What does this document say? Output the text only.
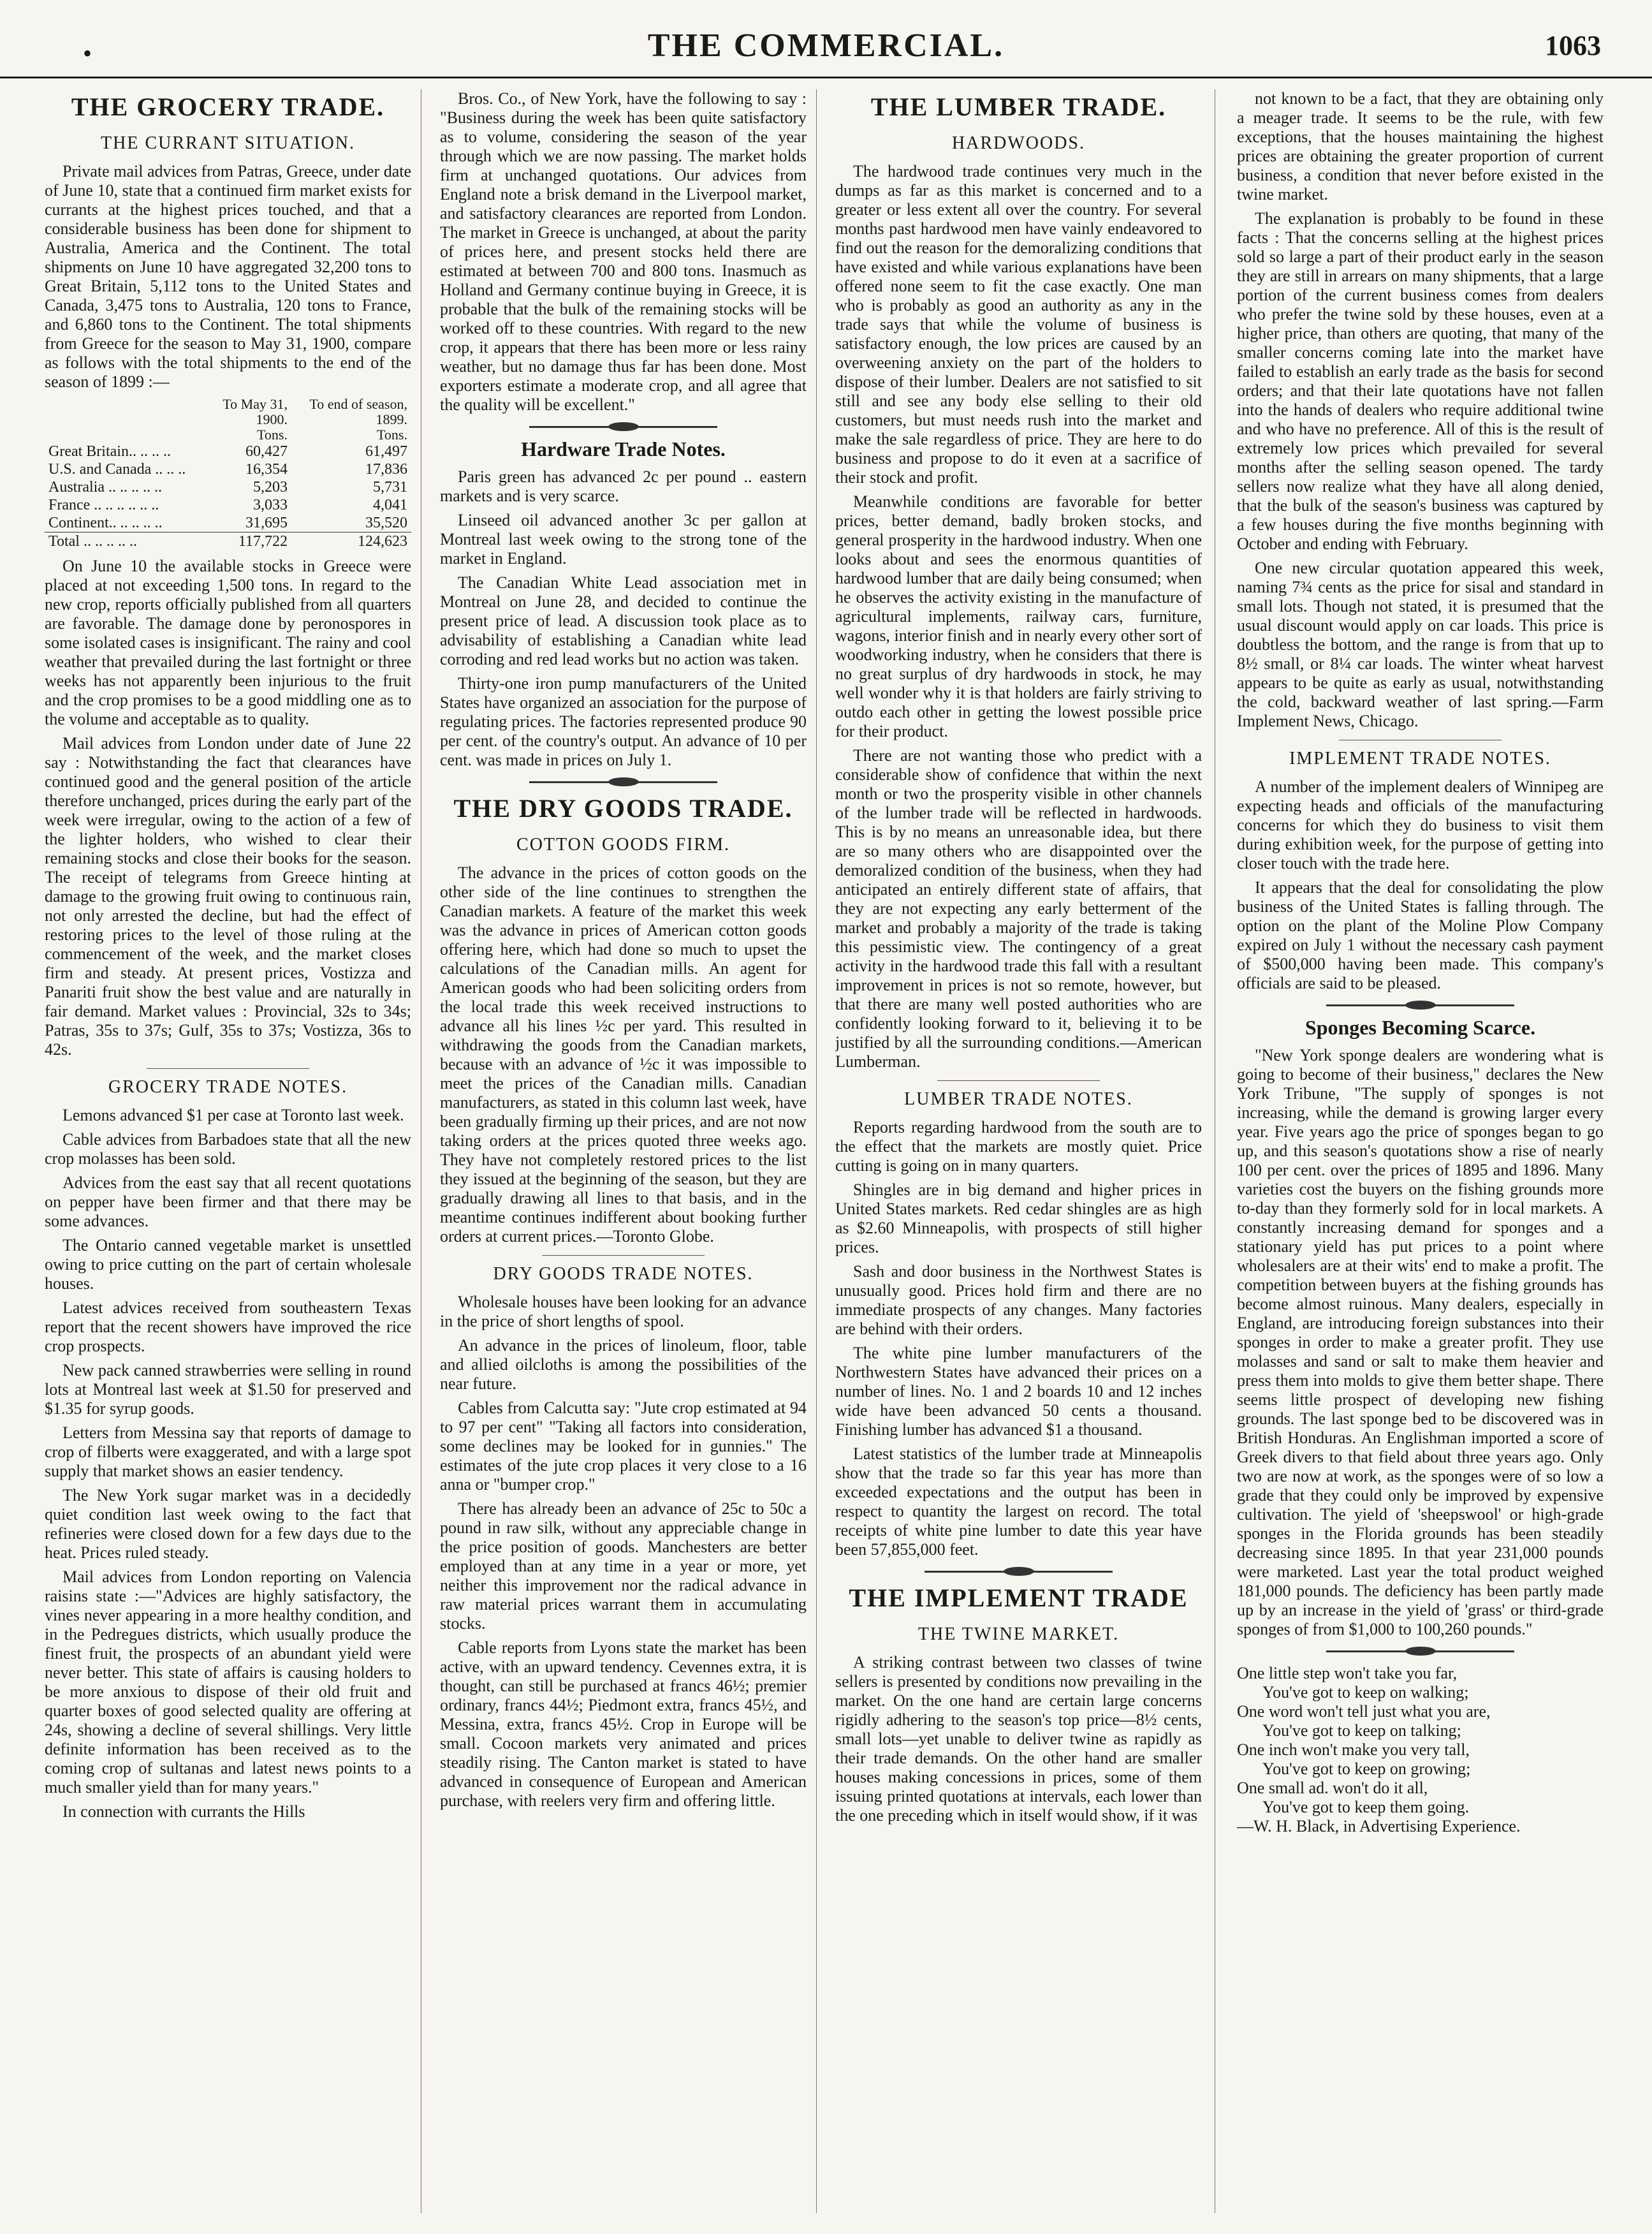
•	THE COMMERCIAL.	1063
THE GROCERY TRADE.
THE CURRANT SITUATION.

Private mail advices from Patras, Greece, under date of June 10, state that a continued firm market exists for currants at the highest prices touched, and that a considerable business has been done for shipment to Australia, America and the Continent. The total shipments on June 10 have aggregated 32,200 tons to Great Britain, 5,112 tons to the United States and Canada, 3,475 tons to Australia, 120 tons to France, and 6,860 tons to the Continent. The total shipments from Greece for the season to May 31, 1900, compare as follows with the total shipments to the end of the season of 1899 :—

	To May 31,	To end of season,
	1900.	1899.
	Tons.	Tons.
Great Britain.. .. .. ..	60,427	61,497
U.S. and Canada .. .. ..	16,354	17,836
Australia .. .. .. .. ..	5,203	5,731
France .. .. .. .. .. ..	3,033	4,041
Continent.. .. .. .. ..	31,695	35,520
Total .. .. .. .. ..	117,722	124,623

On June 10 the available stocks in Greece were placed at not exceeding 1,500 tons. In regard to the new crop, reports officially published from all quarters are favorable. The damage done by peronospores in some isolated cases is insignificant. The rainy and cool weather that prevailed during the last fortnight or three weeks has not apparently been injurious to the fruit and the crop promises to be a good middling one as to the volume and acceptable as to quality.

Mail advices from London under date of June 22 say : Notwithstanding the fact that clearances have continued good and the general position of the article therefore unchanged, prices during the early part of the week were irregular, owing to the action of a few of the lighter holders, who wished to clear their remaining stocks and close their books for the season. The receipt of telegrams from Greece hinting at damage to the growing fruit owing to continuous rain, not only arrested the decline, but had the effect of restoring prices to the level of those ruling at the commencement of the week, and the market closes firm and steady. At present prices, Vostizza and Panariti fruit show the best value and are naturally in fair demand. Market values : Provincial, 32s to 34s; Patras, 35s to 37s; Gulf, 35s to 37s; Vostizza, 36s to 42s.

GROCERY TRADE NOTES.

Lemons advanced $1 per case at Toronto last week.

Cable advices from Barbadoes state that all the new crop molasses has been sold.

Advices from the east say that all recent quotations on pepper have been firmer and that there may be some advances.

The Ontario canned vegetable market is unsettled owing to price cutting on the part of certain wholesale houses.

Latest advices received from southeastern Texas report that the recent showers have improved the rice crop prospects.

New pack canned strawberries were selling in round lots at Montreal last week at $1.50 for preserved and $1.35 for syrup goods.

Letters from Messina say that reports of damage to crop of filberts were exaggerated, and with a large spot supply that market shows an easier tendency.

The New York sugar market was in a decidedly quiet condition last week owing to the fact that refineries were closed down for a few days due to the heat. Prices ruled steady.

Mail advices from London reporting on Valencia raisins state :—"Advices are highly satisfactory, the vines never appearing in a more healthy condition, and in the Pedregues districts, which usually produce the finest fruit, the prospects of an abundant yield were never better. This state of affairs is causing holders to be more anxious to dispose of their old fruit and quarter boxes of good selected quality are offering at 24s, showing a decline of several shillings. Very little definite information has been received as to the coming crop of sultanas and latest news points to a much smaller yield than for many years."

In connection with currants the Hills

Bros. Co., of New York, have the following to say : "Business during the week has been quite satisfactory as to volume, considering the season of the year through which we are now passing. The market holds firm at unchanged quotations. Our advices from England note a brisk demand in the Liverpool market, and satisfactory clearances are reported from London. The market in Greece is unchanged, at about the parity of prices here, and present stocks held there are estimated at between 700 and 800 tons. Inasmuch as Holland and Germany continue buying in Greece, it is probable that the bulk of the remaining stocks will be worked off to these countries. With regard to the new crop, it appears that there has been more or less rainy weather, but no damage thus far has been done. Most exporters estimate a moderate crop, and all agree that the quality will be excellent."

Hardware Trade Notes.

Paris green has advanced 2c per pound .. eastern markets and is very scarce.

Linseed oil advanced another 3c per gallon at Montreal last week owing to the strong tone of the market in England.

The Canadian White Lead association met in Montreal on June 28, and decided to continue the present price of lead. A discussion took place as to advisability of establishing a Canadian white lead corroding and red lead works but no action was taken.

Thirty-one iron pump manufacturers of the United States have organized an association for the purpose of regulating prices. The factories represented produce 90 per cent. of the country's output. An advance of 10 per cent. was made in prices on July 1.

THE DRY GOODS TRADE.
COTTON GOODS FIRM.

The advance in the prices of cotton goods on the other side of the line continues to strengthen the Canadian markets. A feature of the market this week was the advance in prices of American cotton goods offering here, which had done so much to upset the calculations of the Canadian mills. An agent for American goods who had been soliciting orders from the local trade this week received instructions to advance all his lines ½c per yard. This resulted in withdrawing the goods from the Canadian markets, because with an advance of ½c it was impossible to meet the prices of the Canadian mills. Canadian manufacturers, as stated in this column last week, have been gradually firming up their prices, and are not now taking orders at the prices quoted three weeks ago. They have not completely restored prices to the list they issued at the beginning of the season, but they are gradually drawing all lines to that basis, and in the meantime continues indifferent about booking further orders at current prices.—Toronto Globe.

DRY GOODS TRADE NOTES.

Wholesale houses have been looking for an advance in the price of short lengths of spool.

An advance in the prices of linoleum, floor, table and allied oilcloths is among the possibilities of the near future.

Cables from Calcutta say: "Jute crop estimated at 94 to 97 per cent" "Taking all factors into consideration, some declines may be looked for in gunnies." The estimates of the jute crop places it very close to a 16 anna or "bumper crop."

There has already been an advance of 25c to 50c a pound in raw silk, without any appreciable change in the price position of goods. Manchesters are better employed than at any time in a year or more, yet neither this improvement nor the radical advance in raw material prices warrant them in accumulating stocks.

Cable reports from Lyons state the market has been active, with an upward tendency. Cevennes extra, it is thought, can still be purchased at francs 46½; premier ordinary, francs 44½; Piedmont extra, francs 45½, and Messina, extra, francs 45½. Crop in Europe will be small. Cocoon markets very animated and prices steadily rising. The Canton market is stated to have advanced in consequence of European and American purchase, with reelers very firm and offering little.

THE LUMBER TRADE.
HARDWOODS.

The hardwood trade continues very much in the dumps as far as this market is concerned and to a greater or less extent all over the country. For several months past hardwood men have vainly endeavored to find out the reason for the demoralizing conditions that have existed and while various explanations have been offered none seem to fit the case exactly. One man who is probably as good an authority as any in the trade says that while the volume of business is satisfactory enough, the low prices are caused by an overweening anxiety on the part of the holders to dispose of their lumber. Dealers are not satisfied to sit still and see any body else selling to their old customers, but must needs rush into the market and make the sale regardless of price. They are here to do business and propose to do it even at a sacrifice of their stock and profit.

Meanwhile conditions are favorable for better prices, better demand, badly broken stocks, and general prosperity in the hardwood industry. When one looks about and sees the enormous quantities of hardwood lumber that are daily being consumed; when he observes the activity existing in the manufacture of agricultural implements, railway cars, furniture, wagons, interior finish and in nearly every other sort of woodworking industry, when he considers that there is no great surplus of dry hardwoods in stock, he may well wonder why it is that holders are fairly striving to outdo each other in getting the lowest possible price for their product.

There are not wanting those who predict with a considerable show of confidence that within the next month or two the prosperity visible in other channels of the lumber trade will be reflected in hardwoods. This is by no means an unreasonable idea, but there are so many others who are disappointed over the demoralized condition of the business, when they had anticipated an entirely different state of affairs, that they are not expecting any early betterment of the market and probably a majority of the trade is taking this pessimistic view. The contingency of a great activity in the hardwood trade this fall with a resultant improvement in prices is not so remote, however, but that there are many well posted authorities who are confidently looking forward to it, believing it to be justified by all the surrounding conditions.—American Lumberman.

LUMBER TRADE NOTES.

Reports regarding hardwood from the south are to the effect that the markets are mostly quiet. Price cutting is going on in many quarters.

Shingles are in big demand and higher prices in United States markets. Red cedar shingles are as high as $2.60 Minneapolis, with prospects of still higher prices.

Sash and door business in the Northwest States is unusually good. Prices hold firm and there are no immediate prospects of any changes. Many factories are behind with their orders.

The white pine lumber manufacturers of the Northwestern States have advanced their prices on a number of lines. No. 1 and 2 boards 10 and 12 inches wide have been advanced 50 cents a thousand. Finishing lumber has advanced $1 a thousand.

Latest statistics of the lumber trade at Minneapolis show that the trade so far this year has more than exceeded expectations and the output has been in respect to quantity the largest on record. The total receipts of white pine lumber to date this year have been 57,855,000 feet.

THE IMPLEMENT TRADE
THE TWINE MARKET.

A striking contrast between two classes of twine sellers is presented by conditions now prevailing in the market. On the one hand are certain large concerns rigidly adhering to the season's top price—8½ cents, small lots—yet unable to deliver twine as rapidly as their trade demands. On the other hand are smaller houses making concessions in prices, some of them issuing printed quotations at intervals, each lower than the one preceding which in itself would show, if it was

not known to be a fact, that they are obtaining only a meager trade. It seems to be the rule, with few exceptions, that the houses maintaining the highest prices are obtaining the greater proportion of current business, a condition that never before existed in the twine market.

The explanation is probably to be found in these facts : That the concerns selling at the highest prices sold so large a part of their product early in the season they are still in arrears on many shipments, that a large portion of the current business comes from dealers who prefer the twine sold by these houses, even at a higher price, than others are quoting, that many of the smaller concerns coming late into the market have failed to establish an early trade as the basis for second orders; and that their late quotations have not fallen into the hands of dealers who require additional twine and who have no preference. All of this is the result of extremely low prices which prevailed for several months after the selling season opened. The tardy sellers now realize what they have all along denied, that the bulk of the season's business was captured by a few houses during the five months beginning with October and ending with February.

One new circular quotation appeared this week, naming 7¾ cents as the price for sisal and standard in small lots. Though not stated, it is presumed that the usual discount would apply on car loads. This price is doubtless the bottom, and the range is from that up to 8½ small, or 8¼ car loads. The winter wheat harvest appears to be quite as early as usual, notwithstanding the cold, backward weather of last spring.—Farm Implement News, Chicago.

IMPLEMENT TRADE NOTES.

A number of the implement dealers of Winnipeg are expecting heads and officials of the manufacturing concerns for which they do business to visit them during exhibition week, for the purpose of getting into closer touch with the trade here.

It appears that the deal for consolidating the plow business of the United States is falling through. The option on the plant of the Moline Plow Company expired on July 1 without the necessary cash payment of $500,000 having been made. This company's officials are said to be pleased.

Sponges Becoming Scarce.

"New York sponge dealers are wondering what is going to become of their business," declares the New York Tribune, "The supply of sponges is not increasing, while the demand is growing larger every year. Five years ago the price of sponges began to go up, and this season's quotations show a rise of nearly 100 per cent. over the prices of 1895 and 1896. Many varieties cost the buyers on the fishing grounds more to-day than they formerly sold for in local markets. A constantly increasing demand for sponges and a stationary yield has put prices to a point where wholesalers are at their wits' end to make a profit. The competition between buyers at the fishing grounds has become almost ruinous. Many dealers, especially in England, are introducing foreign substances into their sponges in order to make a greater profit. They use molasses and sand or salt to make them heavier and press them into molds to give them better shape. There seems little prospect of developing new fishing grounds. The last sponge bed to be discovered was in British Honduras. An Englishman imported a score of Greek divers to that field about three years ago. Only two are now at work, as the sponges were of so low a grade that they could only be improved by expensive cultivation. The yield of 'sheepswool' or high-grade sponges in the Florida grounds has been steadily decreasing since 1895. In that year 231,000 pounds were marketed. Last year the total product weighed 181,000 pounds. The deficiency has been partly made up by an increase in the yield of 'grass' or third-grade sponges of from $1,000 to 100,260 pounds."

One little step won't take you far,

You've got to keep on walking;

One word won't tell just what you are,

You've got to keep on talking;

One inch won't make you very tall,

You've got to keep on growing;

One small ad. won't do it all,

You've got to keep them going.

—W. H. Black, in Advertising Experience.
